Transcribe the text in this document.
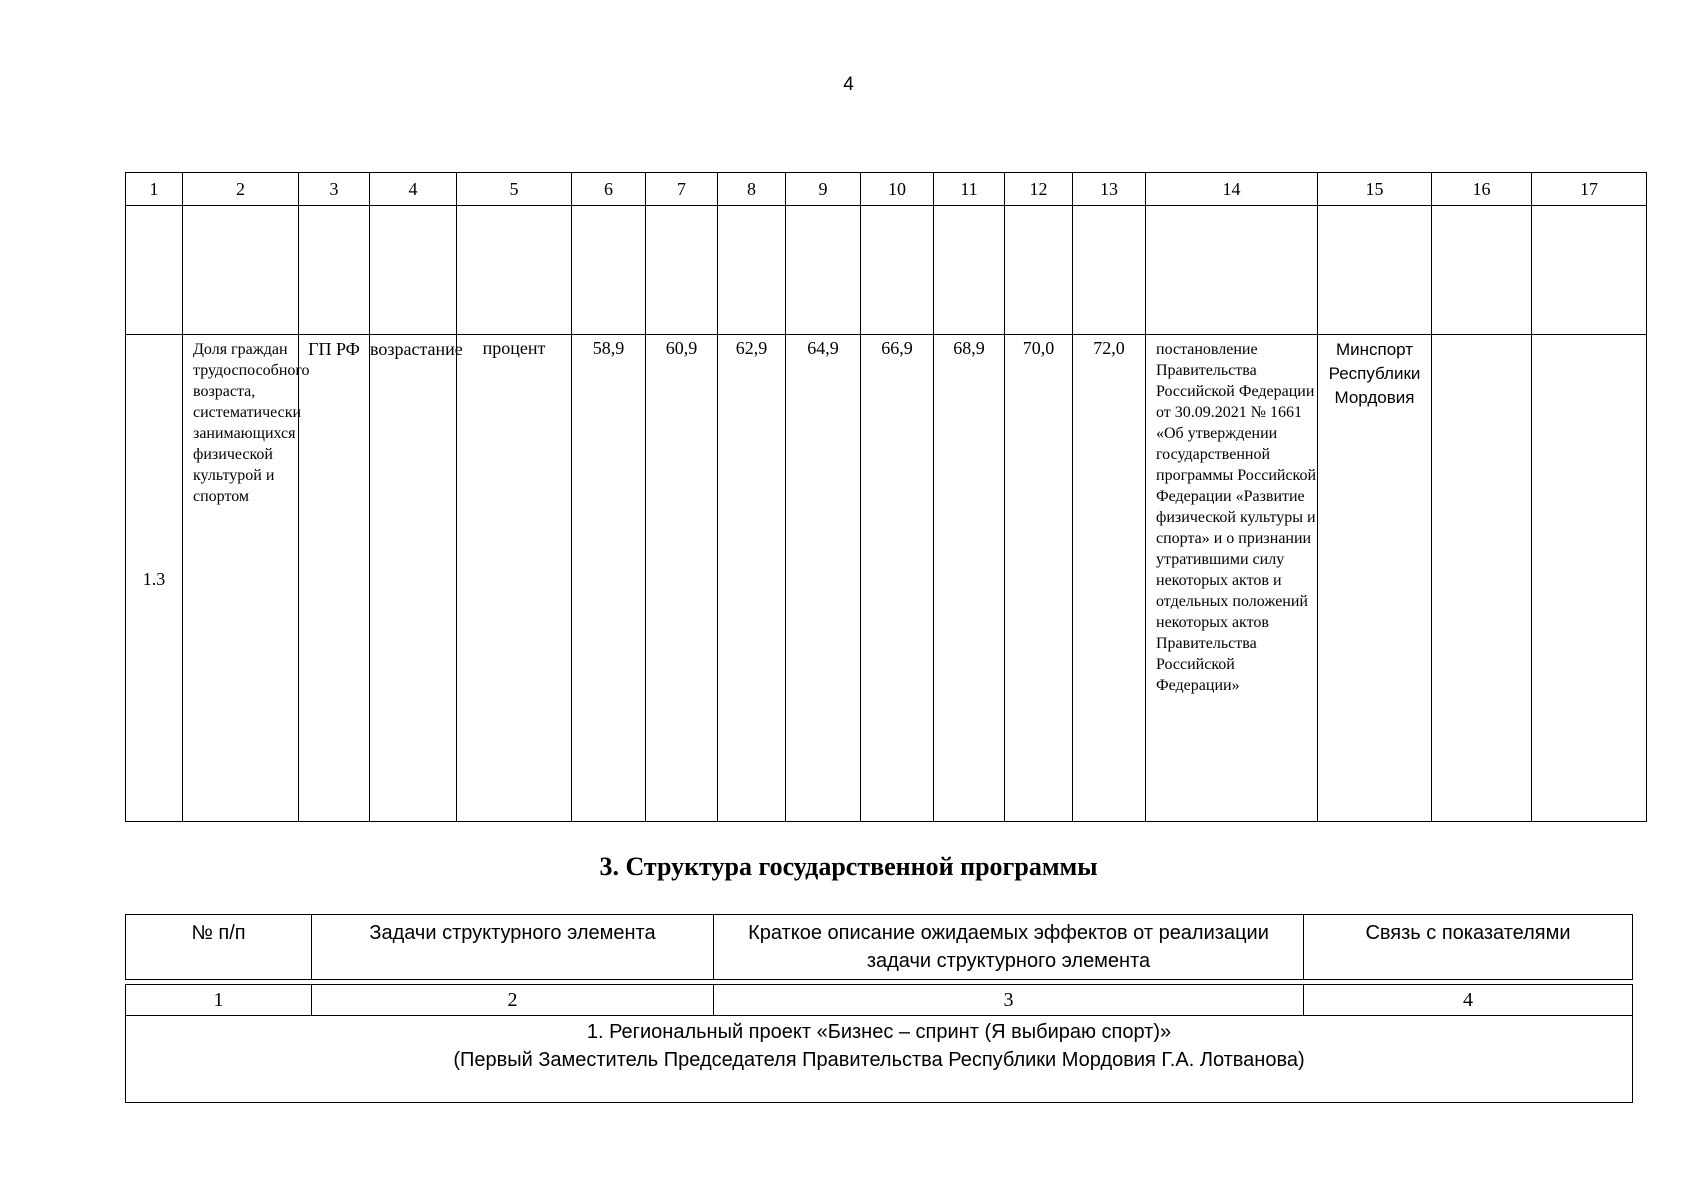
4
1	2	3	4	5	6	7	8	9	10	11	12	13	14	15	16	17

1.3	Доля граждан трудоспособного возраста, систематически занимающихся физической культурой и спортом	ГП РФ	возрастание	процент	58,9	60,9	62,9	64,9	66,9	68,9	70,0	72,0	постановление Правительства Российской Федерации от 30.09.2021 № 1661 «Об утверждении государственной программы Российской Федерации «Развитие физической культуры и спорта» и о признании утратившими силу некоторых актов и отдельных положений некоторых актов Правительства Российской Федерации»	Минспорт Республики Мордовия		
3. Структура государственной программы
№ п/п	Задачи структурного элемента	Краткое описание ожидаемых эффектов от реализации задачи структурного элемента	Связь с показателями

1	2	3	4

1. Региональный проект «Бизнес – спринт (Я выбираю спорт)»
(Первый Заместитель Председателя Правительства Республики Мордовия Г.А. Лотванова)			
